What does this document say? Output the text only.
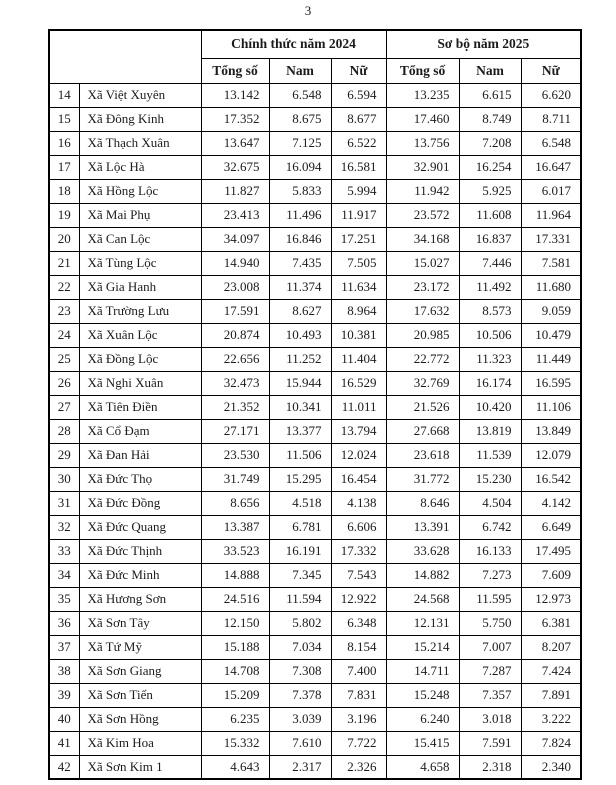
3
		Chính thức năm 2024			Sơ bộ năm 2025		
		Tổng số	Nam	Nữ	Tổng số	Nam	Nữ
14	Xã Việt Xuyên	13.142	6.548	6.594	13.235	6.615	6.620
15	Xã Đông Kinh	17.352	8.675	8.677	17.460	8.749	8.711
16	Xã Thạch Xuân	13.647	7.125	6.522	13.756	7.208	6.548
17	Xã Lộc Hà	32.675	16.094	16.581	32.901	16.254	16.647
18	Xã Hồng Lộc	11.827	5.833	5.994	11.942	5.925	6.017
19	Xã Mai Phụ	23.413	11.496	11.917	23.572	11.608	11.964
20	Xã Can Lộc	34.097	16.846	17.251	34.168	16.837	17.331
21	Xã Tùng Lộc	14.940	7.435	7.505	15.027	7.446	7.581
22	Xã Gia Hanh	23.008	11.374	11.634	23.172	11.492	11.680
23	Xã Trường Lưu	17.591	8.627	8.964	17.632	8.573	9.059
24	Xã Xuân Lộc	20.874	10.493	10.381	20.985	10.506	10.479
25	Xã Đồng Lộc	22.656	11.252	11.404	22.772	11.323	11.449
26	Xã Nghi Xuân	32.473	15.944	16.529	32.769	16.174	16.595
27	Xã Tiên Điền	21.352	10.341	11.011	21.526	10.420	11.106
28	Xã Cổ Đạm	27.171	13.377	13.794	27.668	13.819	13.849
29	Xã Đan Hải	23.530	11.506	12.024	23.618	11.539	12.079
30	Xã Đức Thọ	31.749	15.295	16.454	31.772	15.230	16.542
31	Xã Đức Đồng	8.656	4.518	4.138	8.646	4.504	4.142
32	Xã Đức Quang	13.387	6.781	6.606	13.391	6.742	6.649
33	Xã Đức Thịnh	33.523	16.191	17.332	33.628	16.133	17.495
34	Xã Đức Minh	14.888	7.345	7.543	14.882	7.273	7.609
35	Xã Hương Sơn	24.516	11.594	12.922	24.568	11.595	12.973
36	Xã Sơn Tây	12.150	5.802	6.348	12.131	5.750	6.381
37	Xã Tứ Mỹ	15.188	7.034	8.154	15.214	7.007	8.207
38	Xã Sơn Giang	14.708	7.308	7.400	14.711	7.287	7.424
39	Xã Sơn Tiến	15.209	7.378	7.831	15.248	7.357	7.891
40	Xã Sơn Hồng	6.235	3.039	3.196	6.240	3.018	3.222
41	Xã Kim Hoa	15.332	7.610	7.722	15.415	7.591	7.824
42	Xã Sơn Kim 1	4.643	2.317	2.326	4.658	2.318	2.340
